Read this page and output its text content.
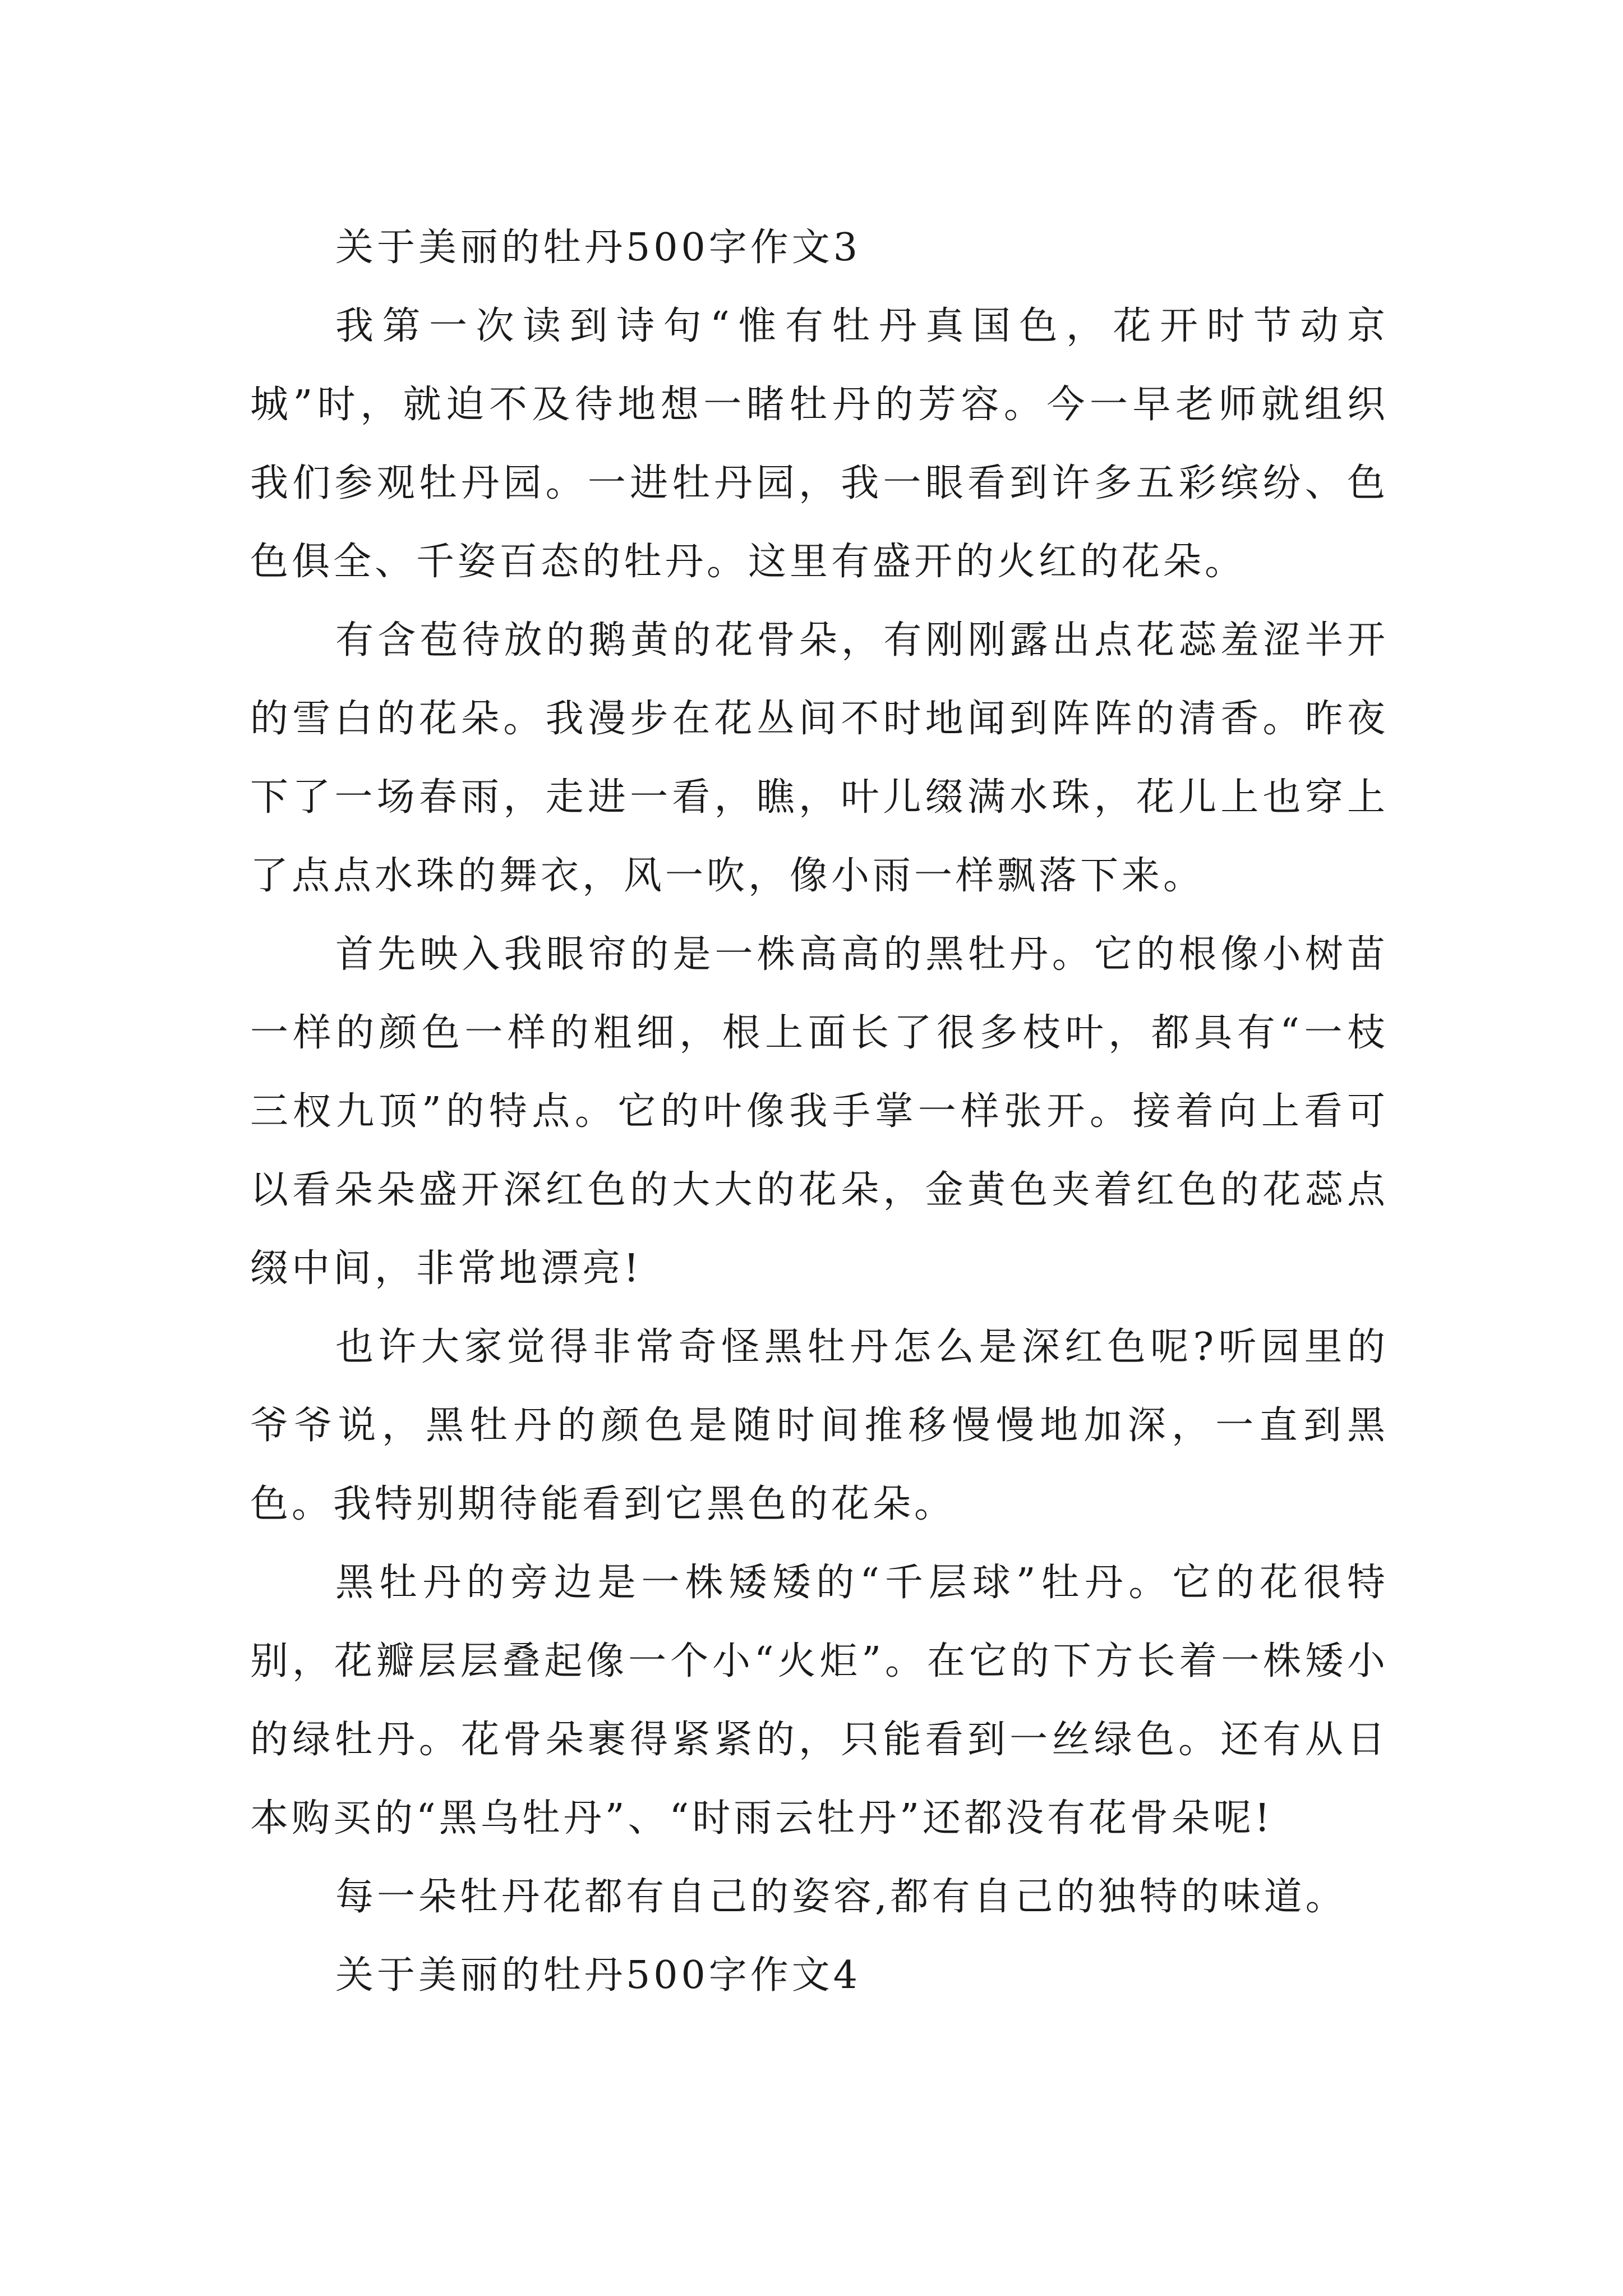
关于美丽的牡丹500字作文3

我第一次读到诗句“惟有牡丹真国色，花开时节动京城”时，就迫不及待地想一睹牡丹的芳容。今一早老师就组织我们参观牡丹园。一进牡丹园，我一眼看到许多五彩缤纷、色色俱全、千姿百态的牡丹。这里有盛开的火红的花朵。

有含苞待放的鹅黄的花骨朵，有刚刚露出点花蕊羞涩半开的雪白的花朵。我漫步在花丛间不时地闻到阵阵的清香。昨夜下了一场春雨，走进一看，瞧，叶儿缀满水珠，花儿上也穿上了点点水珠的舞衣，风一吹，像小雨一样飘落下来。

首先映入我眼帘的是一株高高的黑牡丹。它的根像小树苗一样的颜色一样的粗细，根上面长了很多枝叶，都具有“一枝三杈九顶”的特点。它的叶像我手掌一样张开。接着向上看可以看朵朵盛开深红色的大大的花朵，金黄色夹着红色的花蕊点缀中间，非常地漂亮!

也许大家觉得非常奇怪黑牡丹怎么是深红色呢?听园里的爷爷说，黑牡丹的颜色是随时间推移慢慢地加深，一直到黑色。我特别期待能看到它黑色的花朵。

黑牡丹的旁边是一株矮矮的“千层球”牡丹。它的花很特别，花瓣层层叠起像一个小“火炬”。在它的下方长着一株矮小的绿牡丹。花骨朵裹得紧紧的，只能看到一丝绿色。还有从日本购买的“黑乌牡丹”、“时雨云牡丹”还都没有花骨朵呢!

每一朵牡丹花都有自己的姿容,都有自己的独特的味道。

关于美丽的牡丹500字作文4
